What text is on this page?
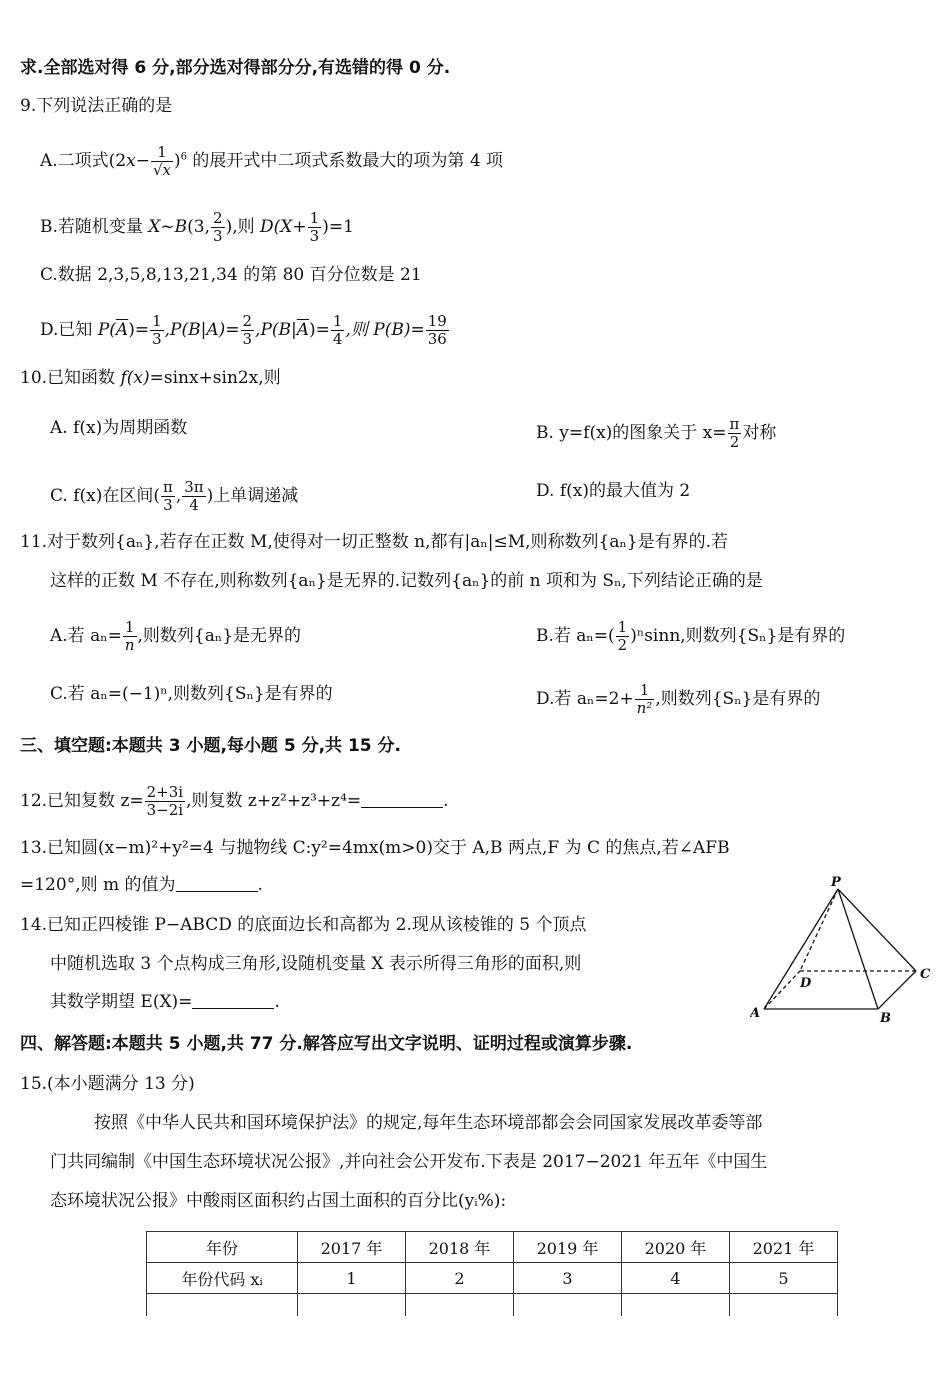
求.全部选对得 6 分,部分选对得部分分,有选错的得 0 分.
9.下列说法正确的是
A.二项式$(2x- \frac{1}{√x} )^6$ 的展开式中二项式系数最大的项为第 4 项
B.若随机变量 X~B(3, $\frac{2}{3}$ ),则 $D(X+ \frac{1}{3} )=1$
C.数据 2,3,5,8,13,21,34 的第 80 百分位数是 21
D.已知 $P(\overline{A})= \frac{1}{3} ,P(B|A)= \frac{2}{3} ,P(B|\overline{A})= \frac{1}{4}$ ,则 $P(B)= \frac{19}{36}$
10.已知函数 f(x)=sinx+sin2x,则
A. f(x)为周期函数	B. y=f(x)的图象关于 $x= \frac{\pi}{2}$ 对称
C. f(x)在区间( $\frac{\pi}{3}$ , $\frac{3\pi}{4}$ )上单调递减	D. f(x)的最大值为 2
11.对于数列{aₙ},若存在正数 M,使得对一切正整数 n,都有|aₙ|≤M,则称数列{aₙ}是有界的.若
这样的正数 M 不存在,则称数列{aₙ}是无界的.记数列{aₙ}的前 n 项和为 Sₙ,下列结论正确的是
A.若 $a_n= \frac{1}{n}$ ,则数列{aₙ}是无界的	B.若 $a_n=( \frac{1}{2} )^n\sin n$,则数列{Sₙ}是有界的
C.若 aₙ=(−1)ⁿ,则数列{Sₙ}是有界的	D.若 $a_n=2+ \frac{1}{\text{n²}}$ ,则数列{Sₙ}是有界的
三、填空题:本题共 3 小题,每小题 5 分,共 15 分.
12.已知复数 $z= \frac{2+3i}{3-2i}$ ,则复数 z+z²+z³+z⁴=	.
13.已知圆(x−m)²+y²=4 与抛物线 C:y²=4mx(m>0)交于 A,B 两点,F 为 C 的焦点,若∠AFB
=120°,则 m 的值为	.
14.已知正四棱锥 P−ABCD 的底面边长和高都为 2.现从该棱锥的 5 个顶点
中随机选取 3 个点构成三角形,设随机变量 X 表示所得三角形的面积,则
其数学期望 E(X)=	.
P
A	B
C
D
四、解答题:本题共 5 小题,共 77 分.解答应写出文字说明、证明过程或演算步骤.
15.(本小题满分 13 分)
按照《中华人民共和国环境保护法》的规定,每年生态环境部都会会同国家发展改革委等部
门共同编制《中国生态环境状况公报》,并向社会公开发布.下表是 2017−2021 年五年《中国生
态环境状况公报》中酸雨区面积约占国土面积的百分比(yᵢ%):
年份	2017 年	2018 年	2019 年	2020 年	2021 年
年份代码 xᵢ	1	2	3	4	5
